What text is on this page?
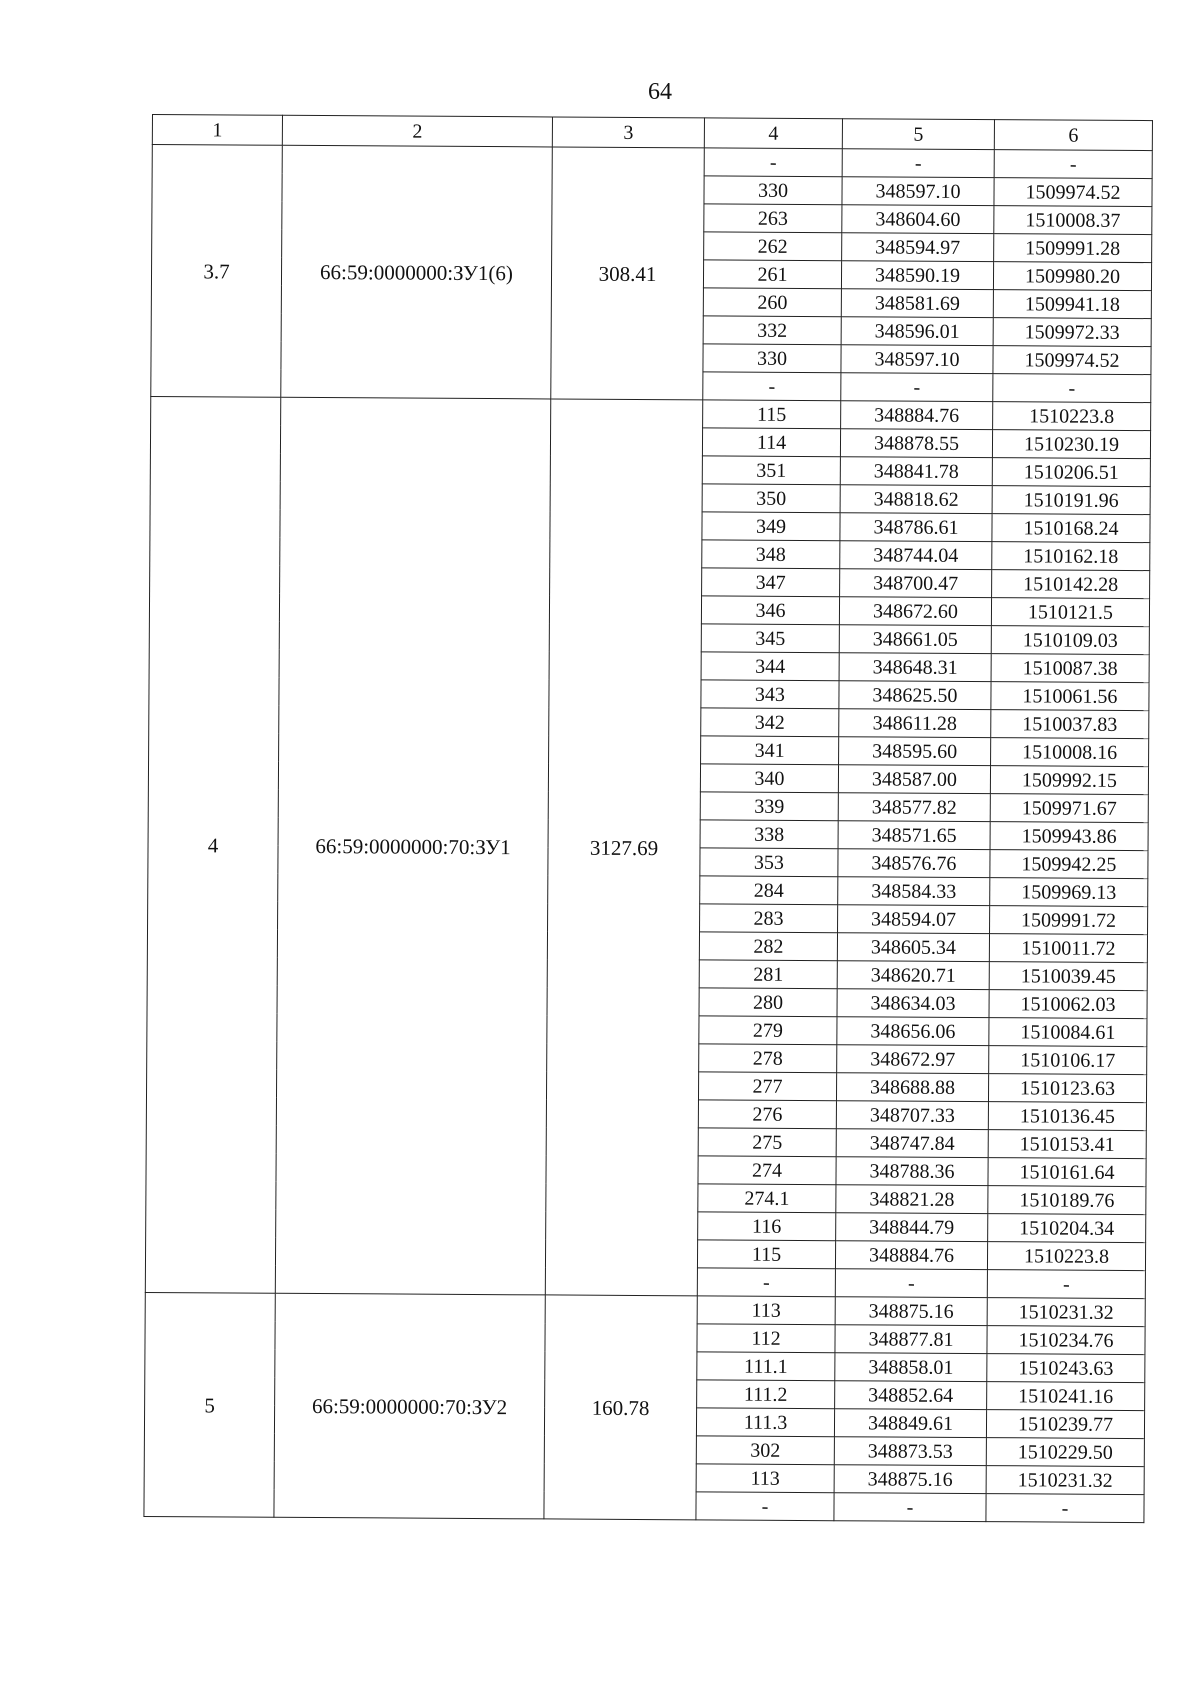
64
1	2	3	4	5	6
3.7	66:59:0000000:ЗУ1(6)	308.41	-	-	-
			330	348597.10	1509974.52
			263	348604.60	1510008.37
			262	348594.97	1509991.28
			261	348590.19	1509980.20
			260	348581.69	1509941.18
			332	348596.01	1509972.33
			330	348597.10	1509974.52
			-	-	-
4	66:59:0000000:70:ЗУ1	3127.69	115	348884.76	1510223.8
			114	348878.55	1510230.19
			351	348841.78	1510206.51
			350	348818.62	1510191.96
			349	348786.61	1510168.24
			348	348744.04	1510162.18
			347	348700.47	1510142.28
			346	348672.60	1510121.5
			345	348661.05	1510109.03
			344	348648.31	1510087.38
			343	348625.50	1510061.56
			342	348611.28	1510037.83
			341	348595.60	1510008.16
			340	348587.00	1509992.15
			339	348577.82	1509971.67
			338	348571.65	1509943.86
			353	348576.76	1509942.25
			284	348584.33	1509969.13
			283	348594.07	1509991.72
			282	348605.34	1510011.72
			281	348620.71	1510039.45
			280	348634.03	1510062.03
			279	348656.06	1510084.61
			278	348672.97	1510106.17
			277	348688.88	1510123.63
			276	348707.33	1510136.45
			275	348747.84	1510153.41
			274	348788.36	1510161.64
			274.1	348821.28	1510189.76
			116	348844.79	1510204.34
			115	348884.76	1510223.8
			-	-	-
5	66:59:0000000:70:ЗУ2	160.78	113	348875.16	1510231.32
			112	348877.81	1510234.76
			111.1	348858.01	1510243.63
			111.2	348852.64	1510241.16
			111.3	348849.61	1510239.77
			302	348873.53	1510229.50
			113	348875.16	1510231.32
			-	-	-
